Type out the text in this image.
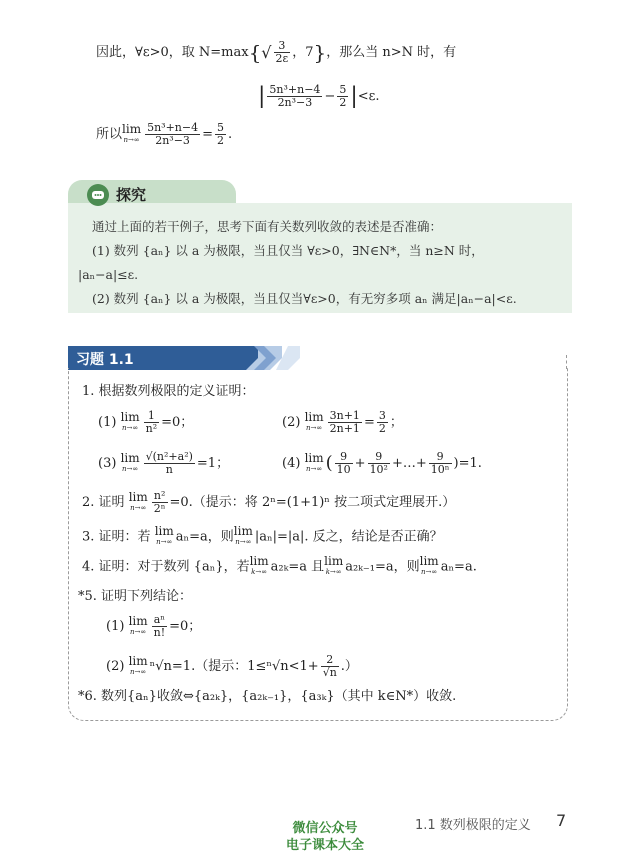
因此，∀ε>0，取 $N=\max\{√ \frac{3}{2\varepsilon}$ ，7}，那么当 n>N 时，有
| $\frac{\text{5n³+n−4}}{\text{2n³−3}} - \frac{5}{2} |<\varepsilon$.
所以 lim
$n\to\infty \frac{\text{5n³+n−4}}{\text{2n³−3}} = \frac{5}{2}$ .
探究
通过上面的若干例子，思考下面有关数列收敛的表述是否准确：
(1) 数列 {aₙ} 以 a 为极限，当且仅当 ∀ε>0，∃N∈N*，当 n≥N 时，
|aₙ−a|≤ε.
(2) 数列 {aₙ} 以 a 为极限，当且仅当∀ε>0，有无穷多项 aₙ 满足|aₙ−a|<ε.
习题 1.1
1. 根据数列极限的定义证明：
(1) lim
$n\to\infty \frac{1}{\text{n²}} =0$；	(2) lim
$n\to\infty \frac{3n+1}{2n+1} = \frac{3}{2}$ ；
(3) lim
$n\to\infty \frac{\text{√(n²+a²)}}{n} =1$；	(4) lim
n→∞ ( $\frac{9}{10} + \frac{9}{\text{10²}}$ +…+ $\frac{9}{\text{10ⁿ}} )=1$.
2. 证明 lim
$n\to\infty \frac{\text{n²}}{\text{2ⁿ}} =0$.（提示：将 2ⁿ=(1+1)ⁿ 按二项式定理展开.）
3. 证明：若 lim
n→∞ aₙ=a，则 lim
n→∞ |aₙ|=|a|. 反之，结论是否正确？
4. 证明：对于数列 {aₙ}，若 lim
k→∞ a₂ₖ=a 且 lim
k→∞ a₂ₖ₋₁=a，则 lim
n→∞ aₙ=a.
*5. 证明下列结论：
(1) lim
$n\to\infty \frac{\text{aⁿ}}{n!} =0$；
(2) lim
n→∞ ⁿ√n=1.（提示：$1\le^n√n<1+ \frac{2}{√n}$ .）
*6. 数列{aₙ}收敛⇔{a₂ₖ}，{a₂ₖ₋₁}，{a₃ₖ}（其中 k∈N*）收敛.
1.1 数列极限的定义 7
微信公众号
电子课本大全
